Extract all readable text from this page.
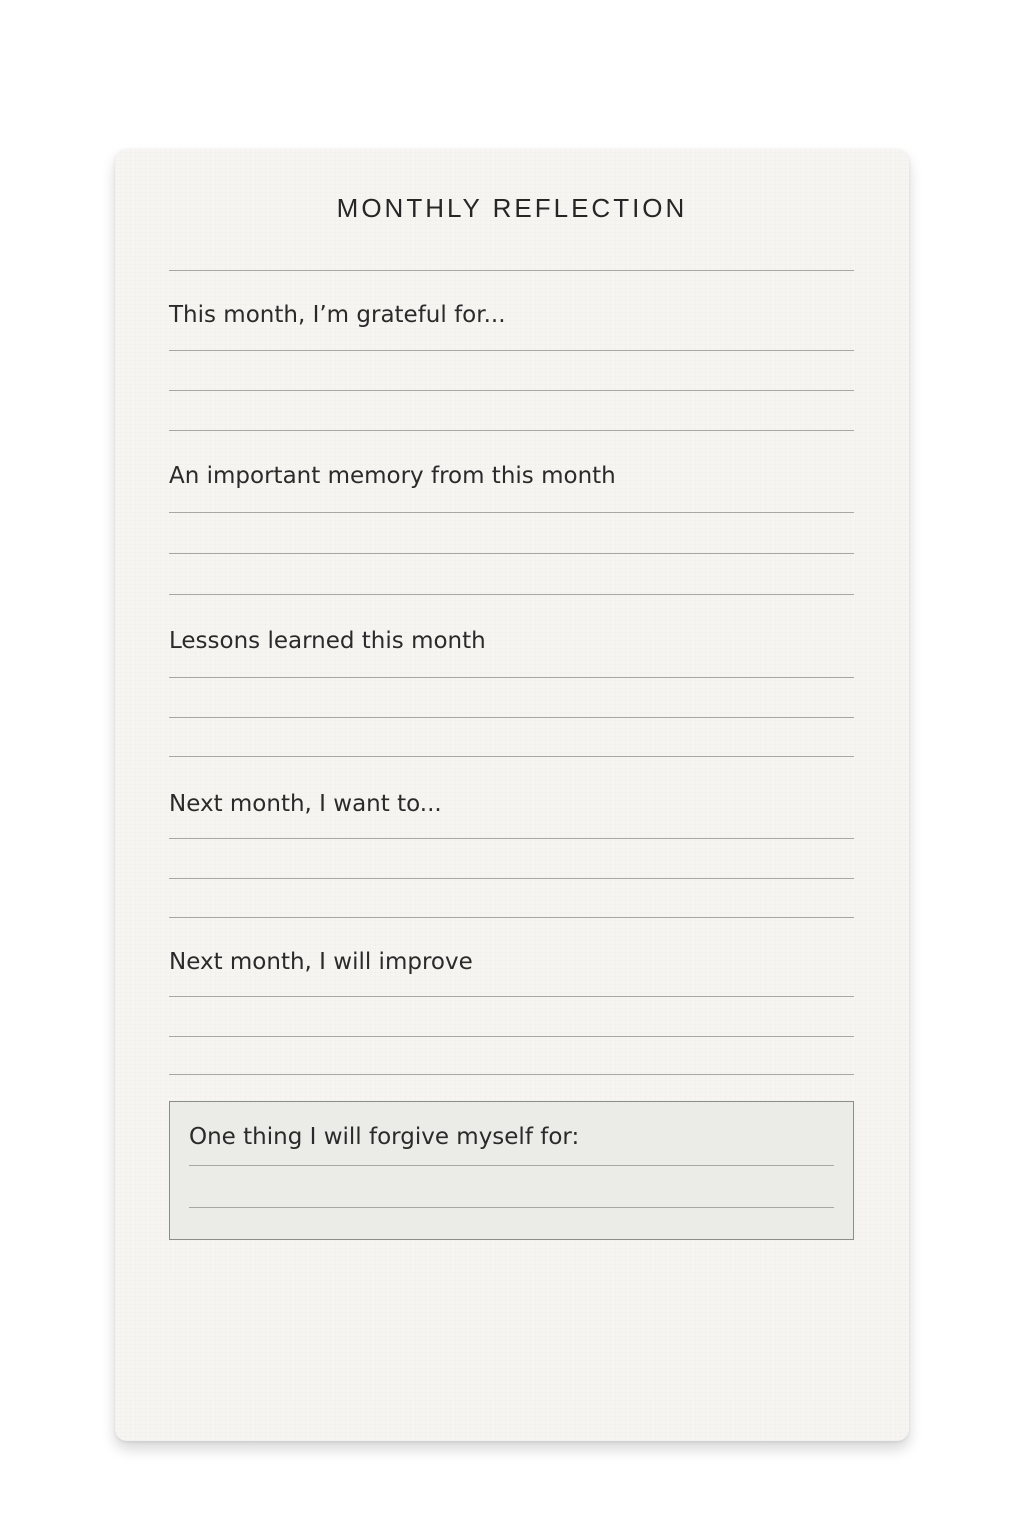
MONTHLY REFLECTION
This month, I’m grateful for...
An important memory from this month
Lessons learned this month
Next month, I want to...
Next month, I will improve
One thing I will forgive myself for:
